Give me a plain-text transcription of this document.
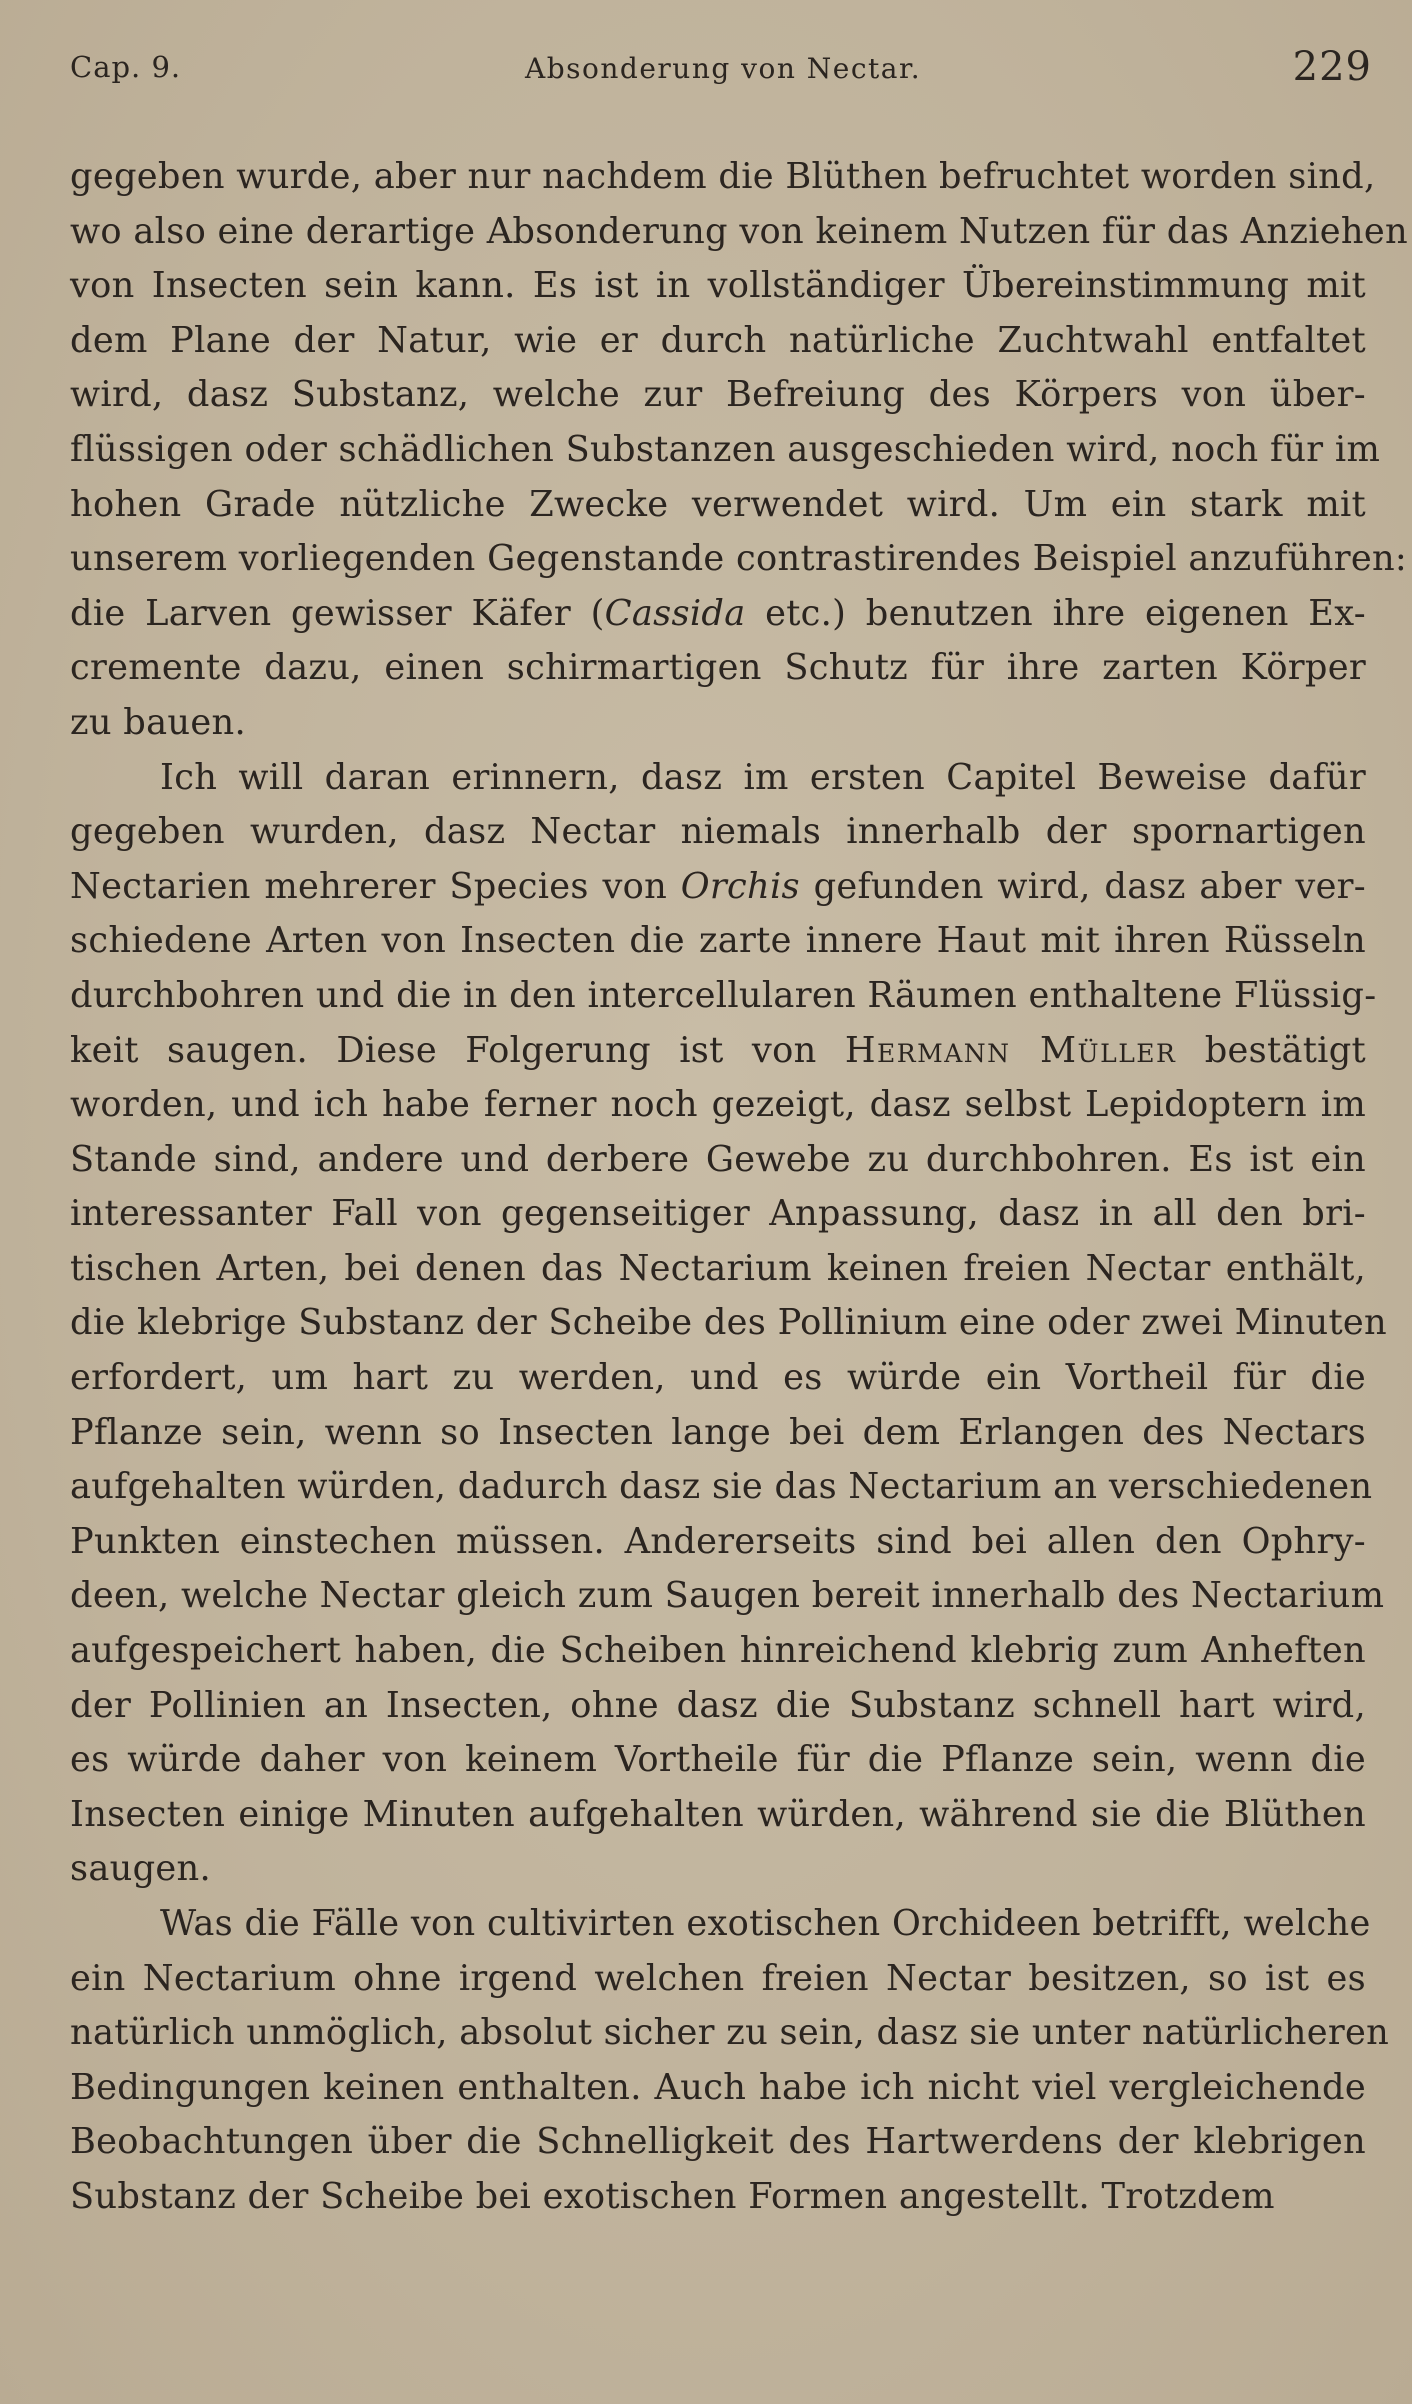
Cap. 9.	Absonderung von Nectar.	229
gegeben wurde, aber nur nachdem die Blüthen befruchtet worden sind,
wo also eine derartige Absonderung von keinem Nutzen für das Anziehen
von Insecten sein kann. Es ist in vollständiger Übereinstimmung mit
dem Plane der Natur, wie er durch natürliche Zuchtwahl entfaltet
wird, dasz Substanz, welche zur Befreiung des Körpers von über-
flüssigen oder schädlichen Substanzen ausgeschieden wird, noch für im
hohen Grade nützliche Zwecke verwendet wird. Um ein stark mit
unserem vorliegenden Gegenstande contrastirendes Beispiel anzuführen:
die Larven gewisser Käfer (Cassida etc.) benutzen ihre eigenen Ex-
cremente dazu, einen schirmartigen Schutz für ihre zarten Körper
zu bauen.
Ich will daran erinnern, dasz im ersten Capitel Beweise dafür
gegeben wurden, dasz Nectar niemals innerhalb der spornartigen
Nectarien mehrerer Species von Orchis gefunden wird, dasz aber ver-
schiedene Arten von Insecten die zarte innere Haut mit ihren Rüsseln
durchbohren und die in den intercellularen Räumen enthaltene Flüssig-
keit saugen. Diese Folgerung ist von Hermann Müller bestätigt
worden, und ich habe ferner noch gezeigt, dasz selbst Lepidoptern im
Stande sind, andere und derbere Gewebe zu durchbohren. Es ist ein
interessanter Fall von gegenseitiger Anpassung, dasz in all den bri-
tischen Arten, bei denen das Nectarium keinen freien Nectar enthält,
die klebrige Substanz der Scheibe des Pollinium eine oder zwei Minuten
erfordert, um hart zu werden, und es würde ein Vortheil für die
Pflanze sein, wenn so Insecten lange bei dem Erlangen des Nectars
aufgehalten würden, dadurch dasz sie das Nectarium an verschiedenen
Punkten einstechen müssen. Andererseits sind bei allen den Ophry-
deen, welche Nectar gleich zum Saugen bereit innerhalb des Nectarium
aufgespeichert haben, die Scheiben hinreichend klebrig zum Anheften
der Pollinien an Insecten, ohne dasz die Substanz schnell hart wird,
es würde daher von keinem Vortheile für die Pflanze sein, wenn die
Insecten einige Minuten aufgehalten würden, während sie die Blüthen
saugen.
Was die Fälle von cultivirten exotischen Orchideen betrifft, welche
ein Nectarium ohne irgend welchen freien Nectar besitzen, so ist es
natürlich unmöglich, absolut sicher zu sein, dasz sie unter natürlicheren
Bedingungen keinen enthalten. Auch habe ich nicht viel vergleichende
Beobachtungen über die Schnelligkeit des Hartwerdens der klebrigen
Substanz der Scheibe bei exotischen Formen angestellt. Trotzdem
